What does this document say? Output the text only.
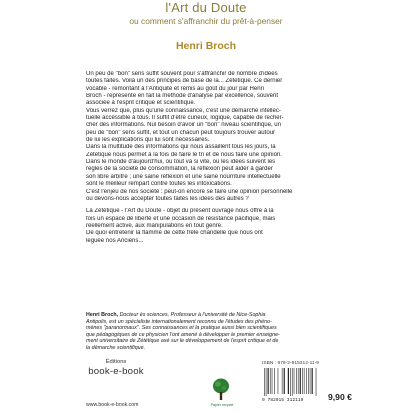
l'Art du Doute
ou comment s'affranchir du prêt-à-penser
Henri Broch
Un peu de "bon" sens suffit souvent pour s'affranchir de nombre d'idées
toutes faites. Voilà un des principes de base de la... Zététique. Ce dernier
vocable - remontant à l'Antiquité et remis au goût du jour par Henri
Broch - représente en fait la méthode d'analyse par excellence, souvent
associée à l'esprit critique et scientifique.
Vous verrez que, plus qu'une connaissance, c'est une démarche intellec-
tuelle accessible à tous. Il suffit d'être curieux, logique, capable de recher-
cher des informations. Nul besoin d'avoir un "bon" niveau scientifique, un
peu de "bon" sens suffit, et tout un chacun peut toujours trouver autour
de lui les explications qui lui sont nécessaires.
Dans la multitude des informations qui nous assaillent tous les jours, la
Zététique nous permet à la fois de faire le tri et de nous faire une opinion.
Dans le monde d'aujourd'hui, où tout va si vite, où les idées suivent les
règles de la société de consommation, la réflexion peut aider à garder
son libre arbitre ; une saine réflexion et une saine nourriture intellectuelle
sont le meilleur rempart contre toutes les intoxications.
C'est l'enjeu de nos société : peut-on encore se faire une opinion personnelle
ou devons-nous accepter toutes faites les idées des autres ?
La Zététique - l'Art du Doute - objet du présent ouvrage nous offre à la
fois un espace de liberté et une occasion de résistance pacifique, mais
réellement active, aux manipulations en tout genre.
De quoi entretenir la flamme de cette frêle chandelle que nous ont
léguée nos Anciens...
Henri Broch, Docteur ès sciences, Professeur à l'université de Nice-Sophia
Antipolis, est un spécialiste internationalement reconnu de l'études des phéno-
mènes "paranormaux". Ses connaissances et la pratique aussi bien scientifiques
que pédagogiques de ce physicien l'ont amené à développer le premier enseigne-
ment universitaire de Zététique axé sur le développement de l'esprit critique et de
la démarche scientifique.
Éditions
book-e-book
www.book-e-book.com	Papier recyclé
ISBN : 978-2-915312-11-9
9 782915 312119	9,90 €
